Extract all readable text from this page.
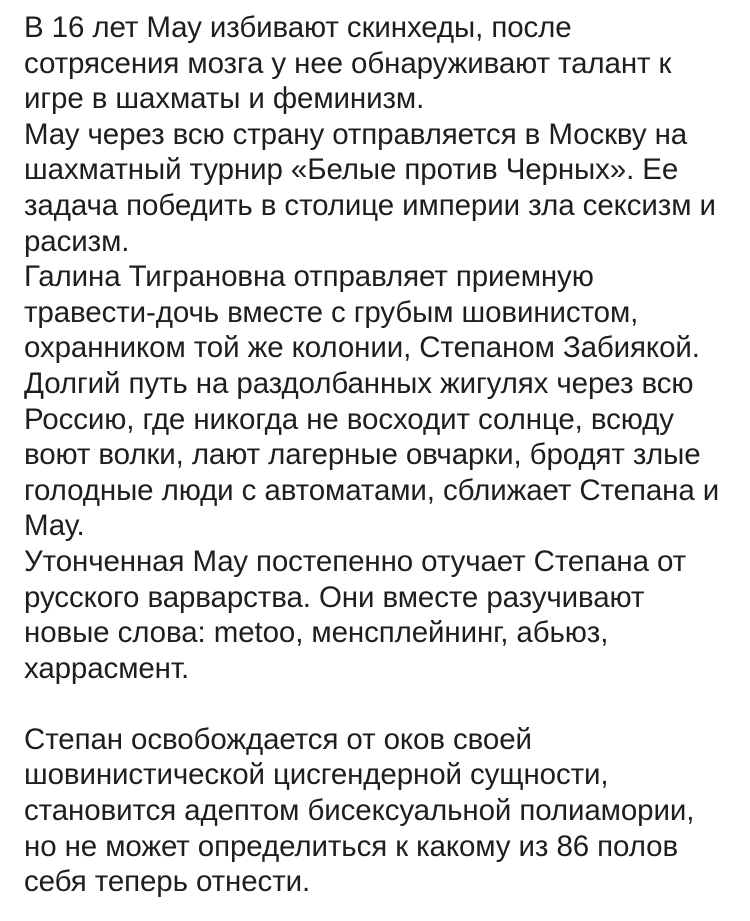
В 16 лет Мау избивают скинхеды, после
сотрясения мозга у нее обнаруживают талант к
игре в шахматы и феминизм.

Мау через всю страну отправляется в Москву на
шахматный турнир «Белые против Черных». Ее
задача победить в столице империи зла сексизм и
расизм.

Галина Тиграновна отправляет приемную
травести-дочь вместе с грубым шовинистом,
охранником той же колонии, Степаном Забиякой.
Долгий путь на раздолбанных жигулях через всю
Россию, где никогда не восходит солнце, всюду
воют волки, лают лагерные овчарки, бродят злые
голодные люди с автоматами, сближает Степана и
Мау.

Утонченная Мау постепенно отучает Степана от
русского варварства. Они вместе разучивают
новые слова: metoo, менсплейнинг, абьюз,
харрасмент.

Степан освобождается от оков своей
шовинистической цисгендерной сущности,
становится адептом бисексуальной полиамории,
но не может определиться к какому из 86 полов
себя теперь отнести.
